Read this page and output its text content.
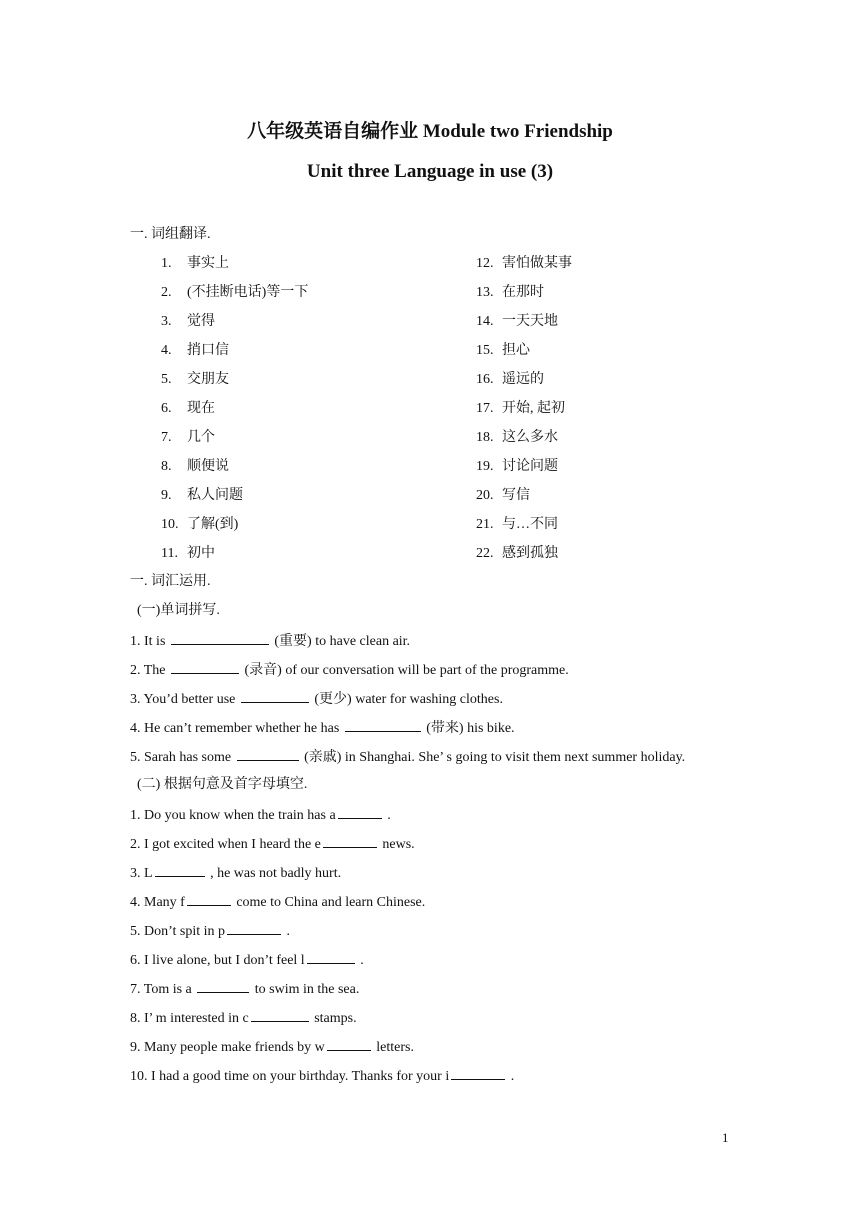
八年级英语自编作业 Module two Friendship
Unit three Language in use (3)
一. 词组翻译.
1. 事实上
2. (不挂断电话)等一下
3. 觉得
4. 捎口信
5. 交朋友
6. 现在
7. 几个
8. 顺便说
9. 私人问题
10. 了解(到)
11. 初中
12. 害怕做某事
13. 在那时
14. 一天天地
15. 担心
16. 遥远的
17. 开始, 起初
18. 这么多水
19. 讨论问题
20. 写信
21. 与…不同
22. 感到孤独
一. 词汇运用.
(一)单词拼写.
1. It is	(重要) to have clean air.
2. The	(录音) of our conversation will be part of the programme.
3. You’d better use	(更少) water for washing clothes.
4. He can’t remember whether he has	(带来) his bike.
5. Sarah has some	(亲戚) in Shanghai. She’ s going to visit them next summer holiday.
(二) 根据句意及首字母填空.
1. Do you know when the train has a	.
2. I got excited when I heard the e	news.
3. L	, he was not badly hurt.
4. Many f	come to China and learn Chinese.
5. Don’t spit in p	.
6. I live alone, but I don’t feel l	.
7. Tom is a	to swim in the sea.
8. I’ m interested in c	stamps.
9. Many people make friends by w	letters.
10. I had a good time on your birthday. Thanks for your i	.
1
